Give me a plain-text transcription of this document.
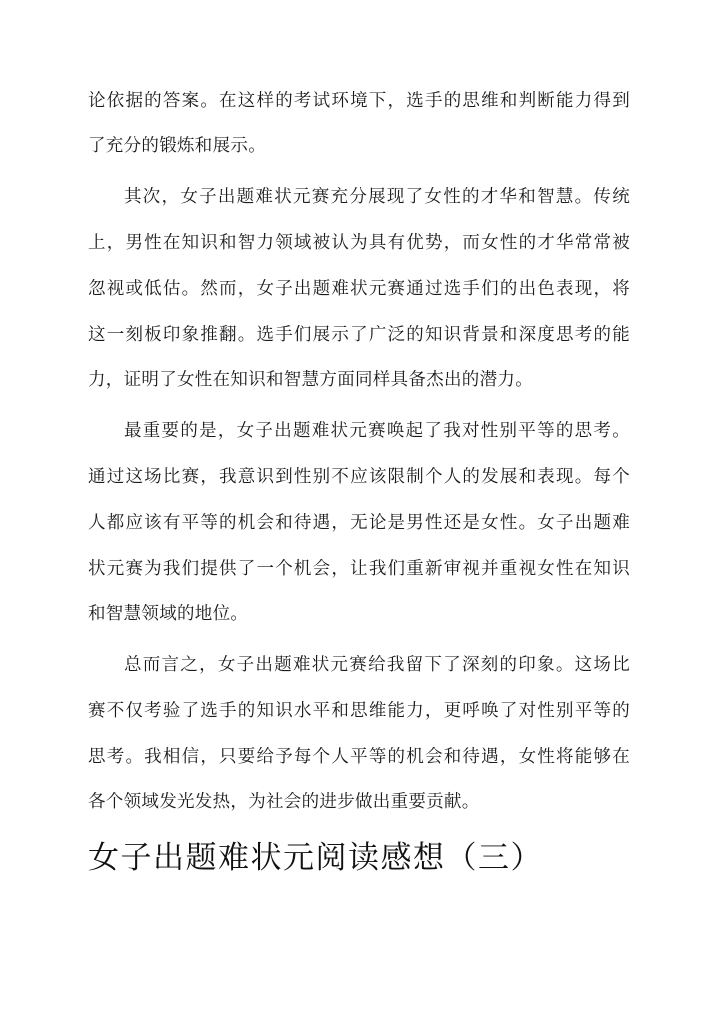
论依据的答案。在这样的考试环境下，选手的思维和判断能力得到
了充分的锻炼和展示。
其次，女子出题难状元赛充分展现了女性的才华和智慧。传统
上，男性在知识和智力领域被认为具有优势，而女性的才华常常被
忽视或低估。然而，女子出题难状元赛通过选手们的出色表现，将
这一刻板印象推翻。选手们展示了广泛的知识背景和深度思考的能
力，证明了女性在知识和智慧方面同样具备杰出的潜力。
最重要的是，女子出题难状元赛唤起了我对性别平等的思考。
通过这场比赛，我意识到性别不应该限制个人的发展和表现。每个
人都应该有平等的机会和待遇，无论是男性还是女性。女子出题难
状元赛为我们提供了一个机会，让我们重新审视并重视女性在知识
和智慧领域的地位。
总而言之，女子出题难状元赛给我留下了深刻的印象。这场比
赛不仅考验了选手的知识水平和思维能力，更呼唤了对性别平等的
思考。我相信，只要给予每个人平等的机会和待遇，女性将能够在
各个领域发光发热，为社会的进步做出重要贡献。
女子出题难状元阅读感想（三）
